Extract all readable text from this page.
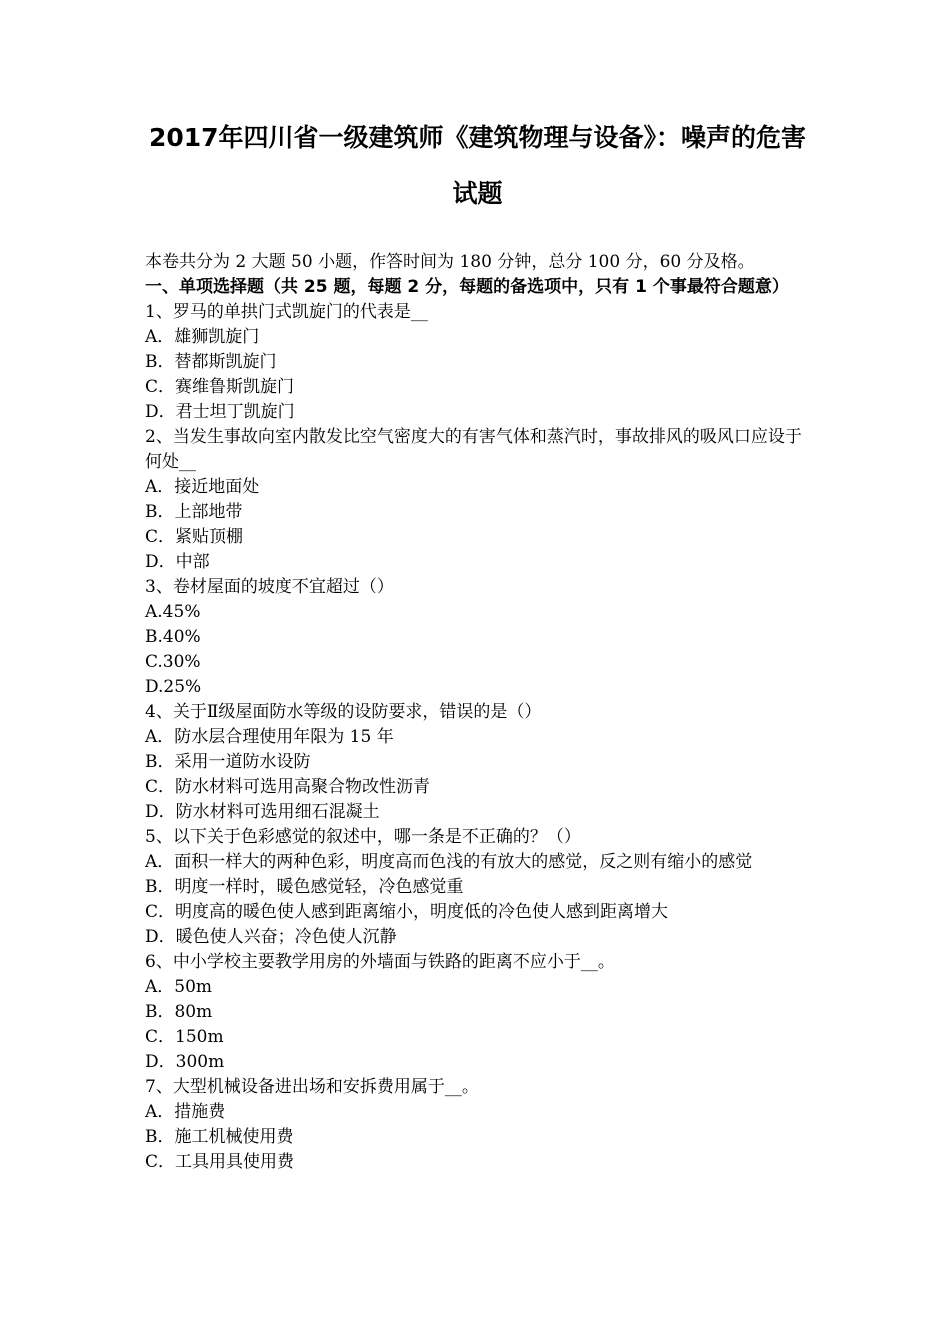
2017年四川省一级建筑师《建筑物理与设备》：噪声的危害试题
本卷共分为 2 大题 50 小题，作答时间为 180 分钟，总分 100 分，60 分及格。
一、单项选择题（共 25 题，每题 2 分，每题的备选项中，只有 1 个事最符合题意）
1、罗马的单拱门式凯旋门的代表是__
A．雄狮凯旋门
B．替都斯凯旋门
C．赛维鲁斯凯旋门
D．君士坦丁凯旋门
2、当发生事故向室内散发比空气密度大的有害气体和蒸汽时，事故排风的吸风口应设于何处__
A．接近地面处
B．上部地带
C．紧贴顶棚
D．中部
3、卷材屋面的坡度不宜超过（）
A.45%
B.40%
C.30%
D.25%
4、关于Ⅱ级屋面防水等级的设防要求，错误的是（）
A．防水层合理使用年限为 15 年
B．采用一道防水设防
C．防水材料可选用高聚合物改性沥青
D．防水材料可选用细石混凝土
5、以下关于色彩感觉的叙述中，哪一条是不正确的？（）
A．面积一样大的两种色彩，明度高而色浅的有放大的感觉，反之则有缩小的感觉
B．明度一样时，暖色感觉轻，冷色感觉重
C．明度高的暖色使人感到距离缩小，明度低的冷色使人感到距离增大
D．暖色使人兴奋；冷色使人沉静
6、中小学校主要教学用房的外墙面与铁路的距离不应小于__。
A．50m
B．80m
C．150m
D．300m
7、大型机械设备进出场和安拆费用属于__。
A．措施费
B．施工机械使用费
C．工具用具使用费
